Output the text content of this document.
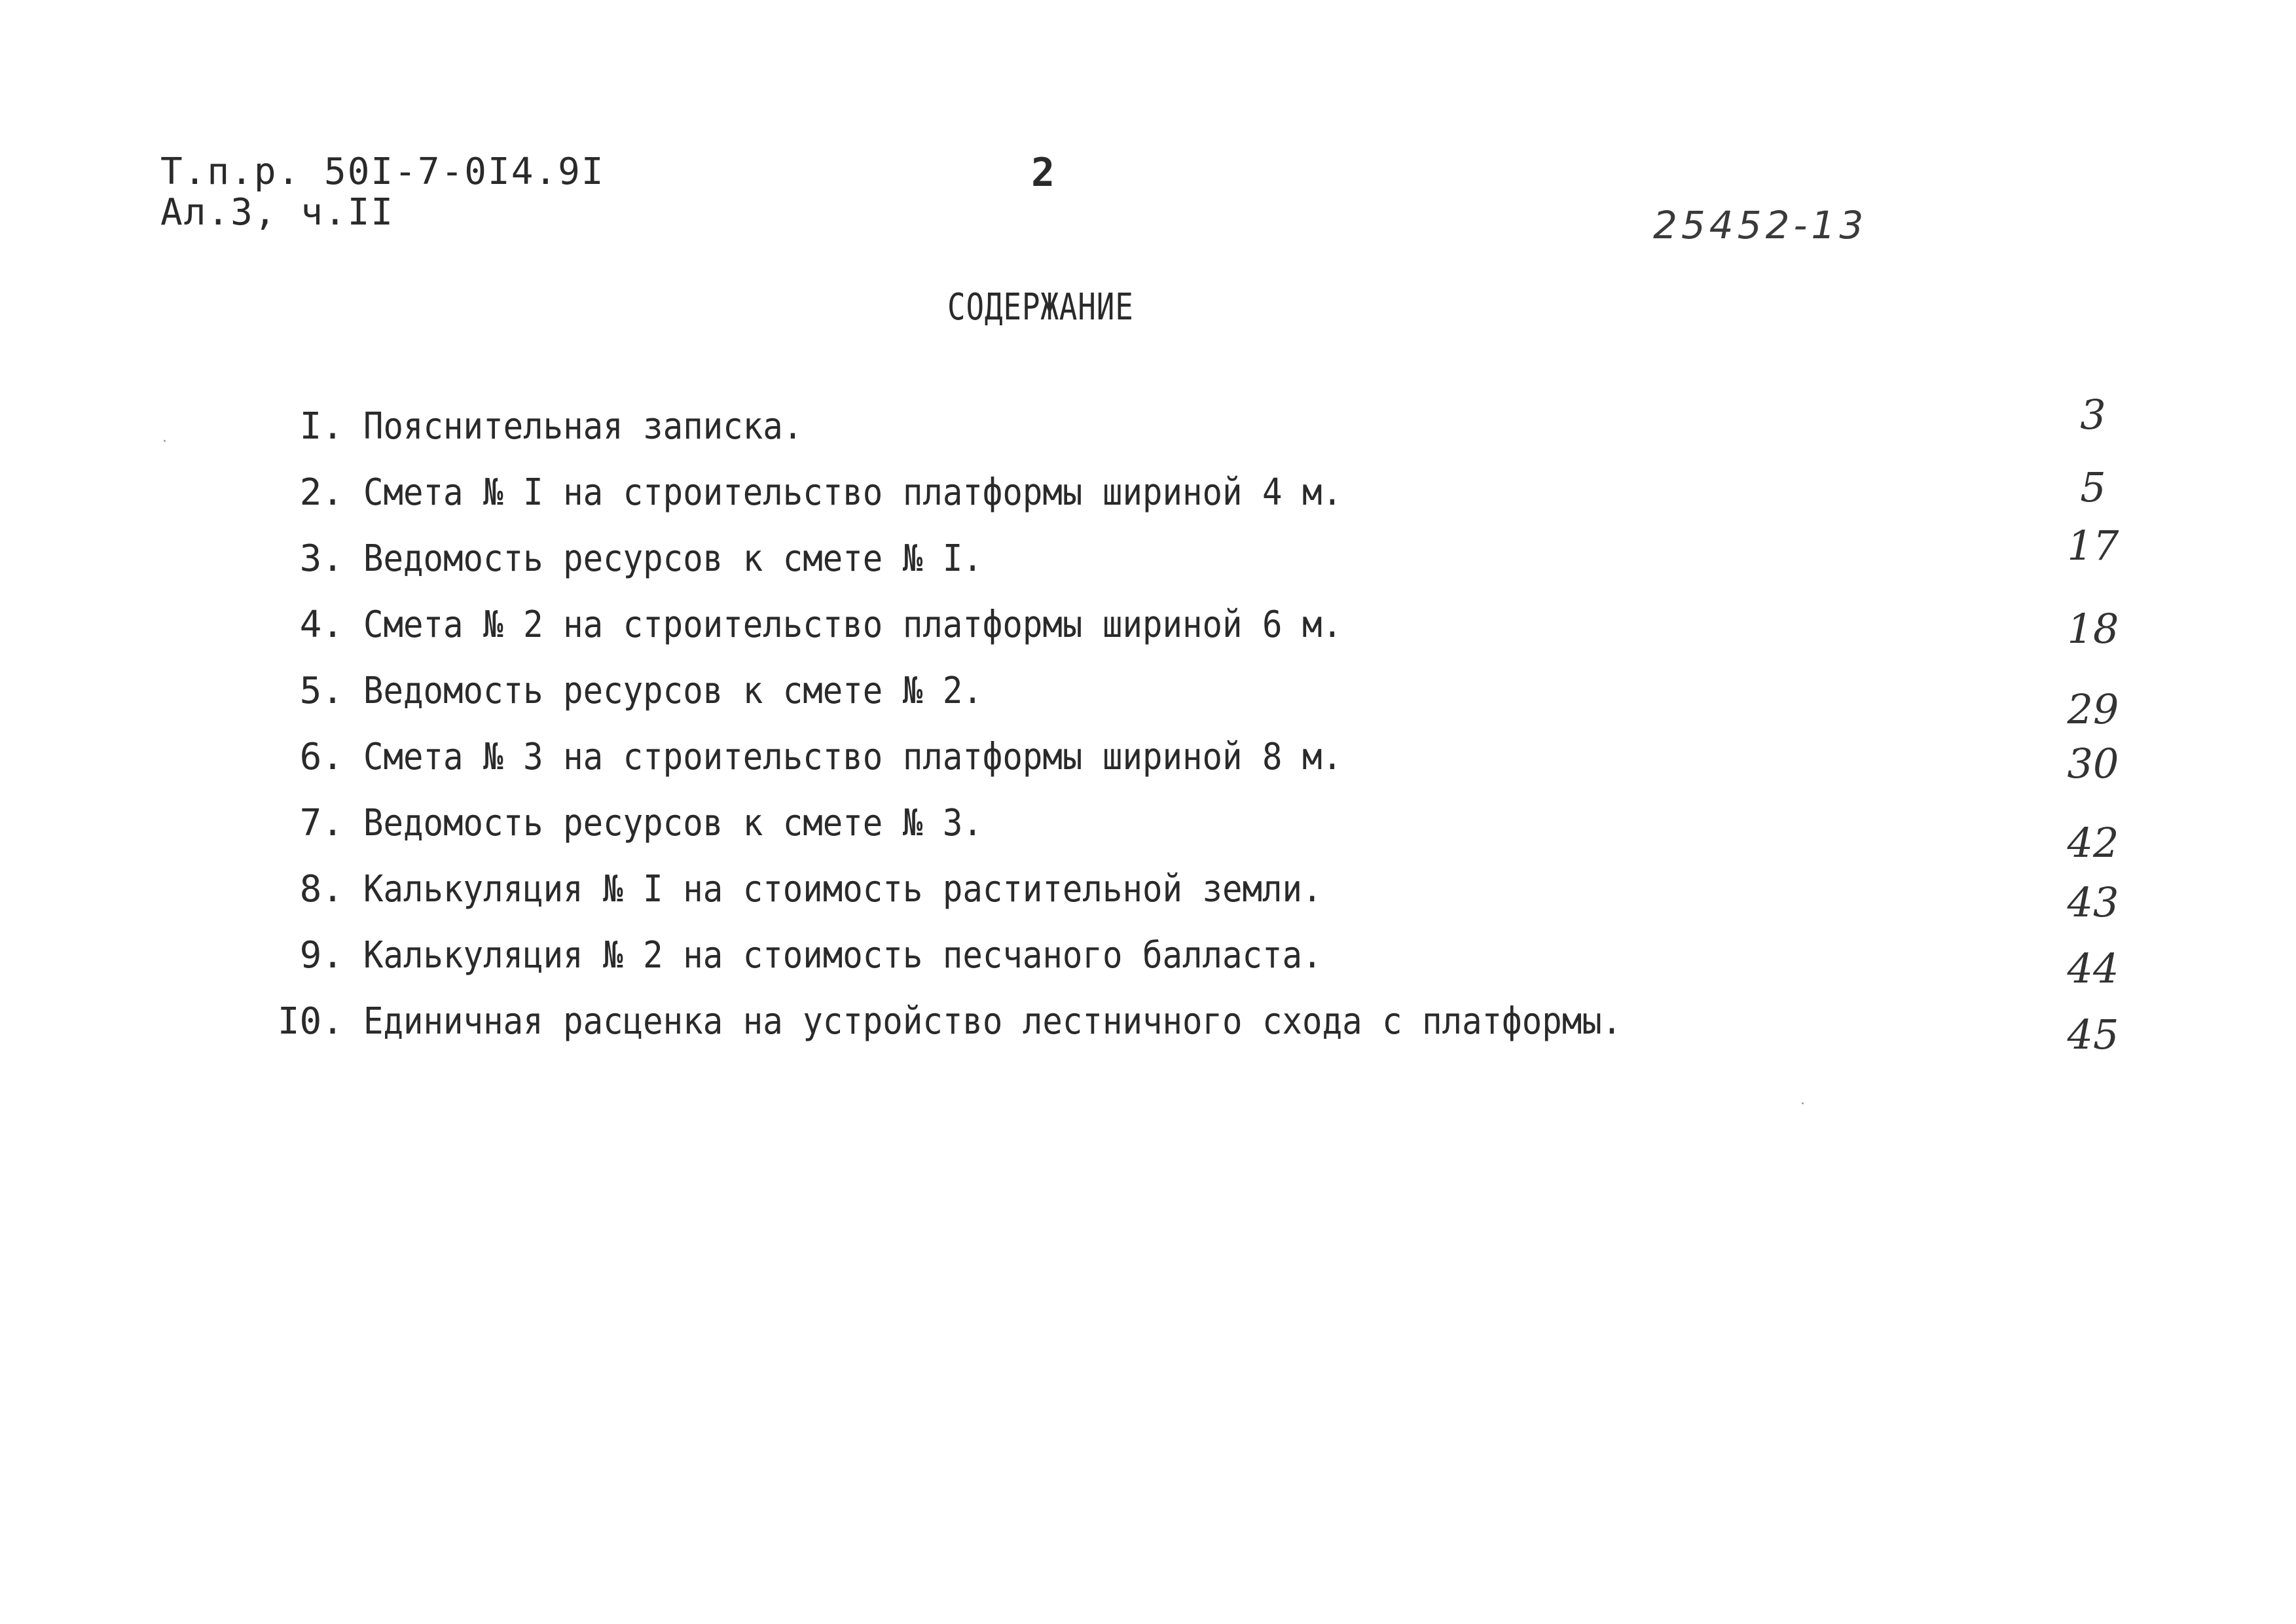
Т.п.р. 50I-7-0I4.9I
Ал.3, ч.II
2
25452-13
СОДЕРЖАНИЕ
I. Пояснительная записка.	3
2. Смета № I на строительство платформы шириной 4 м.	5
3. Ведомость ресурсов к смете № I.	17
4. Смета № 2 на строительство платформы шириной 6 м.	18
5. Ведомость ресурсов к смете № 2.	29
6. Смета № 3 на строительство платформы шириной 8 м.	30
7. Ведомость ресурсов к смете № 3.	42
8. Калькуляция № I на стоимость растительной земли.	43
9. Калькуляция № 2 на стоимость песчаного балласта.	44
I0. Единичная расценка на устройство лестничного схода с платформы.	45
